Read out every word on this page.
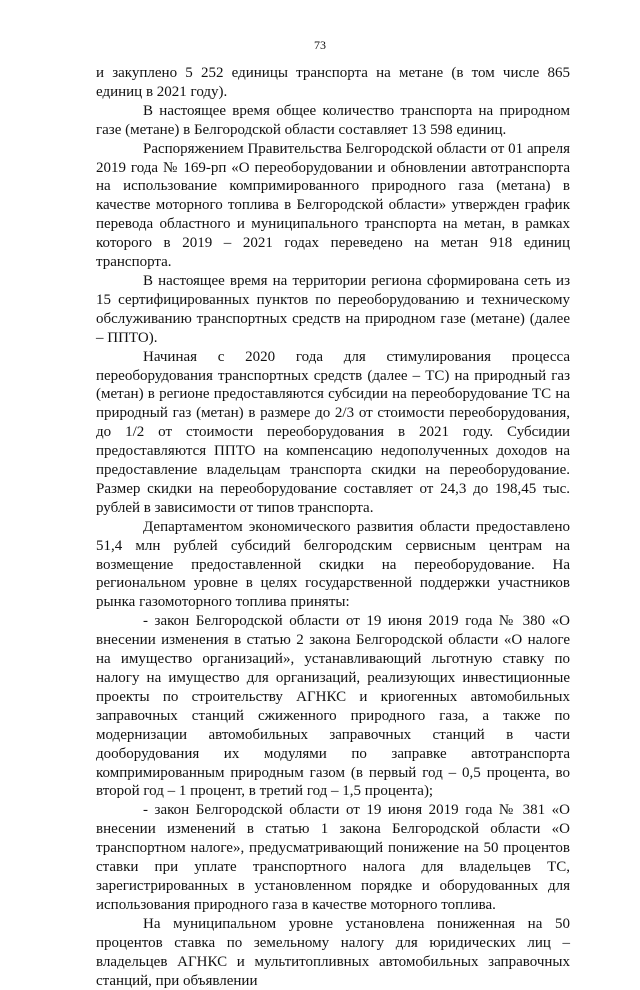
73

и закуплено 5 252 единицы транспорта на метане (в том числе 865 единиц в 2021 году).

В настоящее время общее количество транспорта на природном газе (метане) в Белгородской области составляет 13 598 единиц.

Распоряжением Правительства Белгородской области от 01 апреля 2019 года № 169-рп «О переоборудовании и обновлении автотранспорта на использование компримированного природного газа (метана) в качестве моторного топлива в Белгородской области» утвержден график перевода областного и муниципального транспорта на метан, в рамках которого в 2019 – 2021 годах переведено на метан 918 единиц транспорта.

В настоящее время на территории региона сформирована сеть из 15 сертифицированных пунктов по переоборудованию и техническому обслуживанию транспортных средств на природном газе (метане) (далее – ППТО).

Начиная с 2020 года для стимулирования процесса переоборудования транспортных средств (далее – ТС) на природный газ (метан) в регионе предоставляются субсидии на переоборудование ТС на природный газ (метан) в размере до 2/3 от стоимости переоборудования, до 1/2 от стоимости переоборудования в 2021 году. Субсидии предоставляются ППТО на компенсацию недополученных доходов на предоставление владельцам транспорта скидки на переоборудование. Размер скидки на переоборудование составляет от 24,3 до 198,45 тыс. рублей в зависимости от типов транспорта.

Департаментом экономического развития области предоставлено 51,4 млн рублей субсидий белгородским сервисным центрам на возмещение предоставленной скидки на переоборудование. На региональном уровне в целях государственной поддержки участников рынка газомоторного топлива приняты:

- закон Белгородской области от 19 июня 2019 года № 380 «О внесении изменения в статью 2 закона Белгородской области «О налоге на имущество организаций», устанавливающий льготную ставку по налогу на имущество для организаций, реализующих инвестиционные проекты по строительству АГНКС и криогенных автомобильных заправочных станций сжиженного природного газа, а также по модернизации автомобильных заправочных станций в части дооборудования их модулями по заправке автотранспорта компримированным природным газом (в первый год – 0,5 процента, во второй год – 1 процент, в третий год – 1,5 процента);

- закон Белгородской области от 19 июня 2019 года № 381 «О внесении изменений в статью 1 закона Белгородской области «О транспортном налоге», предусматривающий понижение на 50 процентов ставки при уплате транспортного налога для владельцев ТС, зарегистрированных в установленном порядке и оборудованных для использования природного газа в качестве моторного топлива.

На муниципальном уровне установлена пониженная на 50 процентов ставка по земельному налогу для юридических лиц – владельцев АГНКС и мультитопливных автомобильных заправочных станций, при объявлении
